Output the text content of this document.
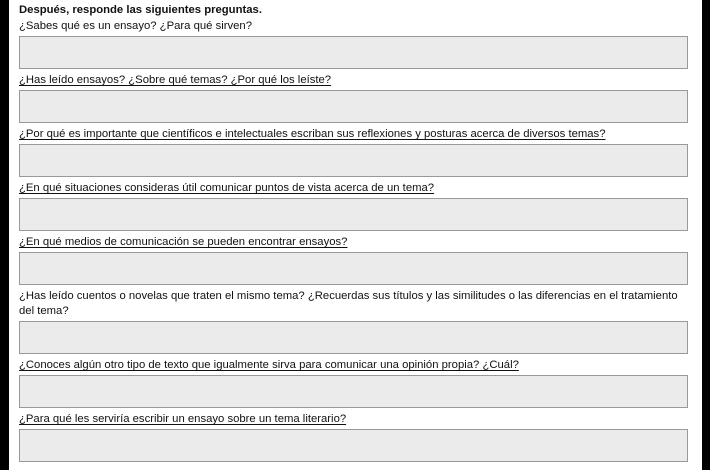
Después, responde las siguientes preguntas.
¿Sabes qué es un ensayo? ¿Para qué sirven?
¿Has leído ensayos? ¿Sobre qué temas? ¿Por qué los leíste?
¿Por qué es importante que científicos e intelectuales escriban sus reflexiones y posturas acerca de diversos temas?
¿En qué situaciones consideras útil comunicar puntos de vista acerca de un tema?
¿En qué medios de comunicación se pueden encontrar ensayos?
¿Has leído cuentos o novelas que traten el mismo tema? ¿Recuerdas sus títulos y las similitudes o las diferencias en el tratamiento del tema?
¿Conoces algún otro tipo de texto que igualmente sirva para comunicar una opinión propia? ¿Cuál?
¿Para qué les serviría escribir un ensayo sobre un tema literario?
